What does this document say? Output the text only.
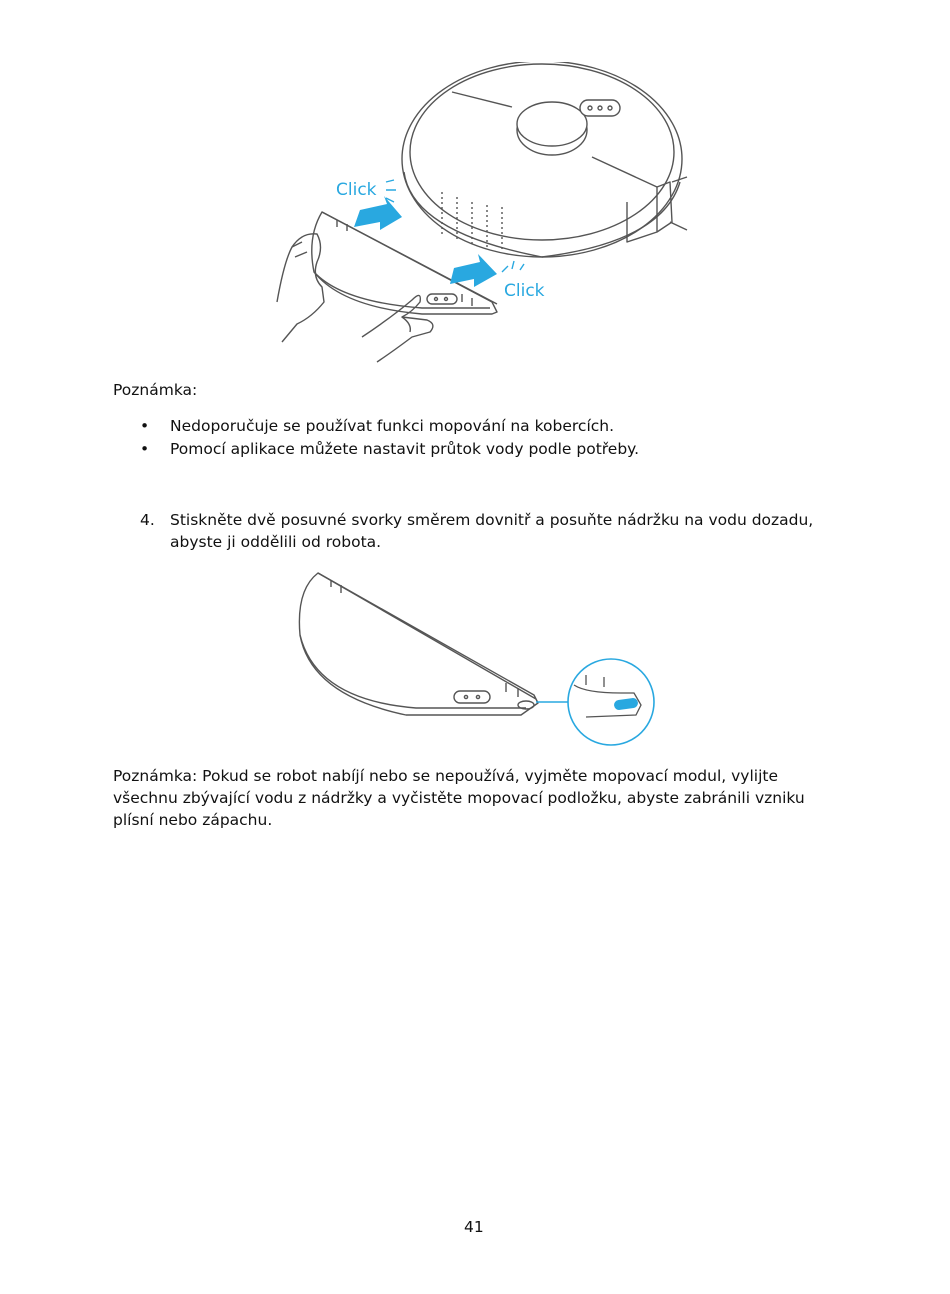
Click
Click
Poznámka:
• Nedoporučuje se používat funkci mopování na kobercích.
• Pomocí aplikace můžete nastavit průtok vody podle potřeby.
4. Stiskněte dvě posuvné svorky směrem dovnitř a posuňte nádržku na vodu dozadu,
abyste ji oddělili od robota.
Poznámka: Pokud se robot nabíjí nebo se nepoužívá, vyjměte mopovací modul, vylijte
všechnu zbývající vodu z nádržky a vyčistěte mopovací podložku, abyste zabránili vzniku
plísní nebo zápachu.
41
